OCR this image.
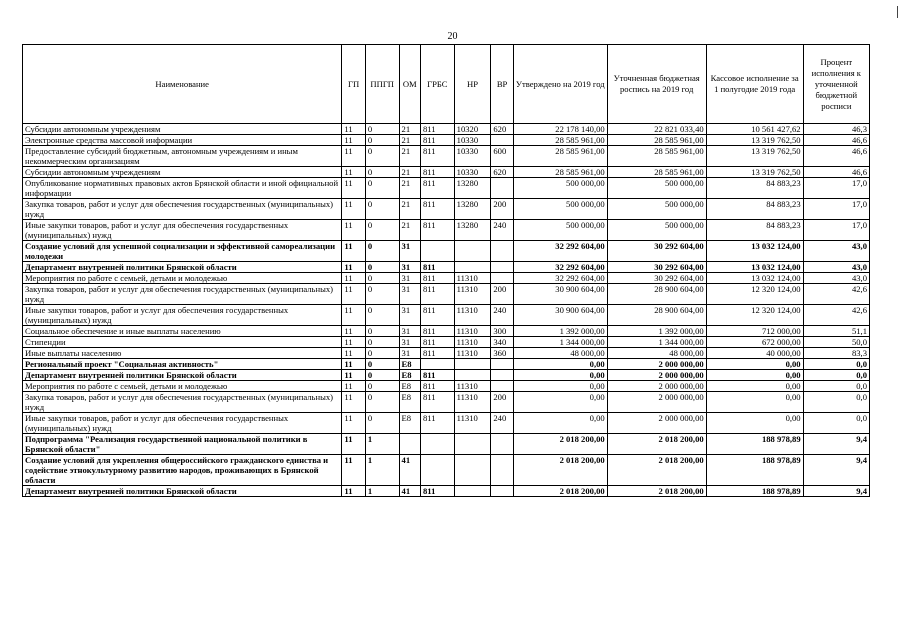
20
Наименование	ГП	ППГП	ОМ	ГРБС	НР	ВР	Утверждено на 2019 год	Уточненная бюджетная роспись на 2019 год	Кассовое исполнение за 1 полугодие 2019 года	Процент исполнения к уточненной бюджетной росписи
Субсидии автономным учреждениям	11	0	21	811	10320	620	22 178 140,00	22 821 033,40	10 561 427,62	46,3
Электронные средства массовой информации	11	0	21	811	10330		28 585 961,00	28 585 961,00	13 319 762,50	46,6
Предоставление субсидий бюджетным, автономным учреждениям и иным некоммерческим организациям	11	0	21	811	10330	600	28 585 961,00	28 585 961,00	13 319 762,50	46,6
Субсидии автономным учреждениям	11	0	21	811	10330	620	28 585 961,00	28 585 961,00	13 319 762,50	46,6
Опубликование нормативных правовых актов Брянской области и иной официальной информации	11	0	21	811	13280		500 000,00	500 000,00	84 883,23	17,0
Закупка товаров, работ и услуг для обеспечения государственных (муниципальных) нужд	11	0	21	811	13280	200	500 000,00	500 000,00	84 883,23	17,0
Иные закупки товаров, работ и услуг для обеспечения государственных (муниципальных) нужд	11	0	21	811	13280	240	500 000,00	500 000,00	84 883,23	17,0
Создание условий для успешной социализации и эффективной самореализации молодежи	11	0	31				32 292 604,00	30 292 604,00	13 032 124,00	43,0
Департамент внутренней политики Брянской области	11	0	31	811			32 292 604,00	30 292 604,00	13 032 124,00	43,0
Мероприятия по работе с семьей, детьми и молодежью	11	0	31	811	11310		32 292 604,00	30 292 604,00	13 032 124,00	43,0
Закупка товаров, работ и услуг для обеспечения государственных (муниципальных) нужд	11	0	31	811	11310	200	30 900 604,00	28 900 604,00	12 320 124,00	42,6
Иные закупки товаров, работ и услуг для обеспечения государственных (муниципальных) нужд	11	0	31	811	11310	240	30 900 604,00	28 900 604,00	12 320 124,00	42,6
Социальное обеспечение и иные выплаты населению	11	0	31	811	11310	300	1 392 000,00	1 392 000,00	712 000,00	51,1
Стипендии	11	0	31	811	11310	340	1 344 000,00	1 344 000,00	672 000,00	50,0
Иные выплаты населению	11	0	31	811	11310	360	48 000,00	48 000,00	40 000,00	83,3
Региональный проект "Социальная активность"	11	0	E8				0,00	2 000 000,00	0,00	0,0
Департамент внутренней политики Брянской области	11	0	E8	811			0,00	2 000 000,00	0,00	0,0
Мероприятия по работе с семьей, детьми и молодежью	11	0	E8	811	11310		0,00	2 000 000,00	0,00	0,0
Закупка товаров, работ и услуг для обеспечения государственных (муниципальных) нужд	11	0	E8	811	11310	200	0,00	2 000 000,00	0,00	0,0
Иные закупки товаров, работ и услуг для обеспечения государственных (муниципальных) нужд	11	0	E8	811	11310	240	0,00	2 000 000,00	0,00	0,0
Подпрограмма "Реализация государственной национальной политики в Брянской области"	11	1					2 018 200,00	2 018 200,00	188 978,89	9,4
Создание условий для укрепления общероссийского гражданского единства и содействие этнокультурному развитию народов, проживающих в Брянской области	11	1	41				2 018 200,00	2 018 200,00	188 978,89	9,4
Департамент внутренней политики Брянской области	11	1	41	811			2 018 200,00	2 018 200,00	188 978,89	9,4
